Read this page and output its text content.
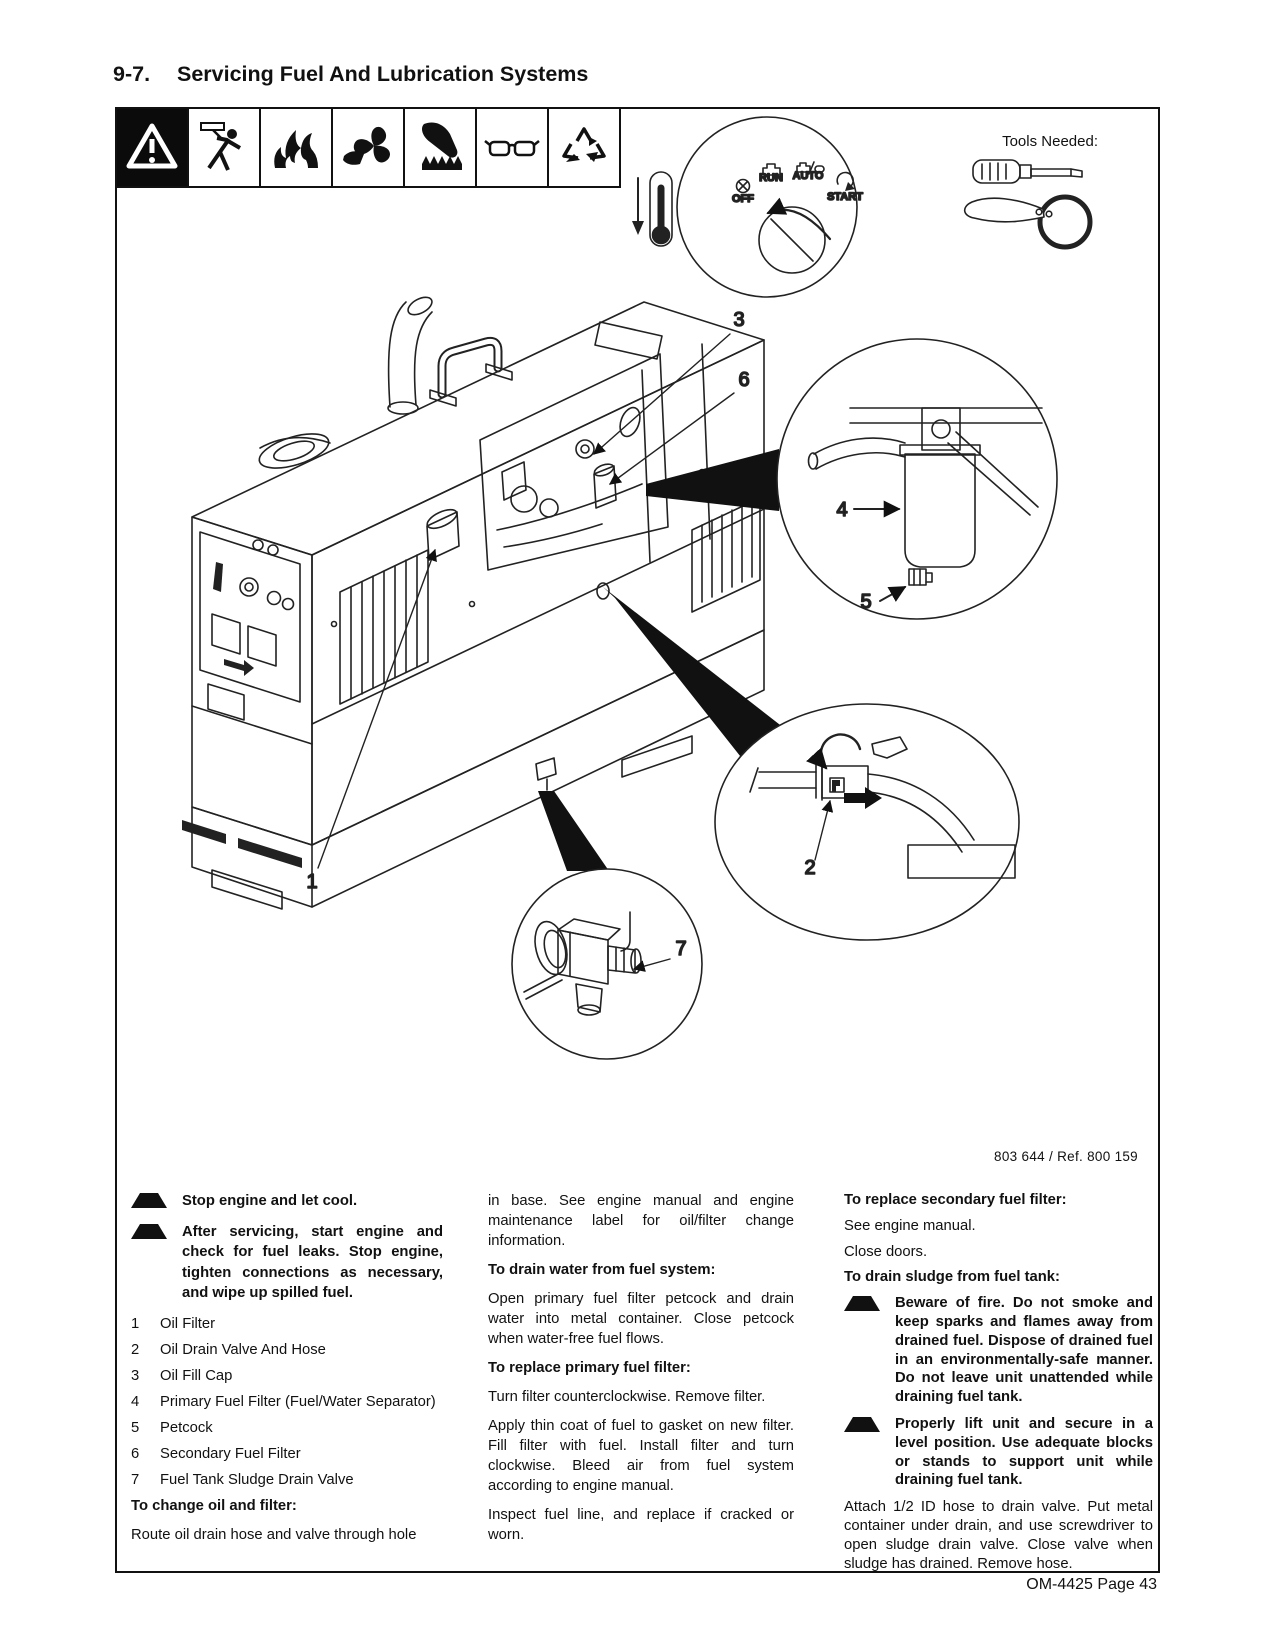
9-7. Servicing Fuel And Lubrication Systems
OFF
RUN AUTO
START
4
5
2
7
1
3
6
Tools Needed:
803 644 / Ref. 800 159

Stop engine and let cool.

After servicing, start engine and check for fuel leaks. Stop engine, tighten connections as necessary, and wipe up spilled fuel.

1	Oil Filter
2	Oil Drain Valve And Hose
3	Oil Fill Cap
4	Primary Fuel Filter (Fuel/Water Separator)
5	Petcock
6	Secondary Fuel Filter
7	Fuel Tank Sludge Drain Valve
To change oil and filter:

Route oil drain hose and valve through hole

in base. See engine manual and engine maintenance label for oil/filter change information.

To drain water from fuel system:

Open primary fuel filter petcock and drain water into metal container. Close petcock when water-free fuel flows.

To replace primary fuel filter:

Turn filter counterclockwise. Remove filter.

Apply thin coat of fuel to gasket on new filter. Fill filter with fuel. Install filter and turn clockwise. Bleed air from fuel system according to engine manual.

Inspect fuel line, and replace if cracked or worn.

To replace secondary fuel filter:

See engine manual.

Close doors.

To drain sludge from fuel tank:

Beware of fire. Do not smoke and keep sparks and flames away from drained fuel. Dispose of drained fuel in an environmentally-safe manner. Do not leave unit unattended while draining fuel tank.

Properly lift unit and secure in a level position. Use adequate blocks or stands to support unit while draining fuel tank.

Attach 1/2 ID hose to drain valve. Put metal container under drain, and use screwdriver to open sludge drain valve. Close valve when sludge has drained. Remove hose.

OM-4425 Page 43
